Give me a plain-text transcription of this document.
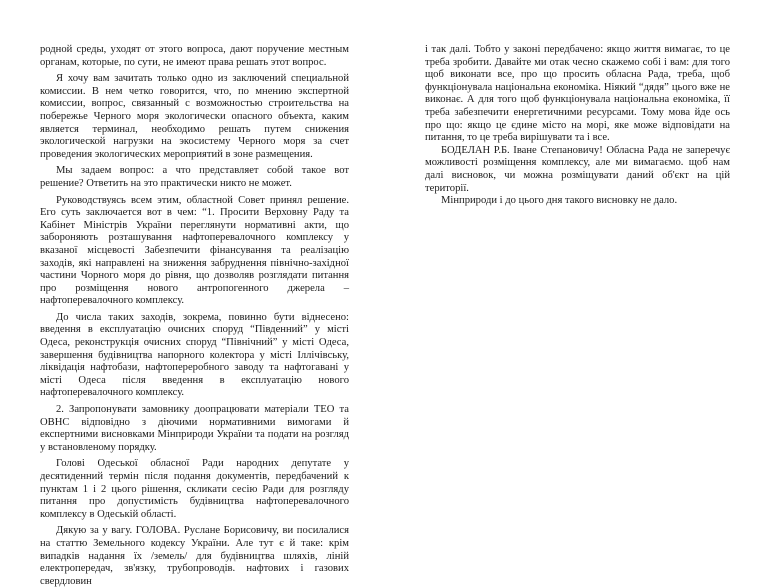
родной среды, уходят от этого вопроса, дают поручение местным органам, которые, по сути, не имеют права решать этот вопрос.

Я хочу вам зачитать только одно из заключений специальной комиссии. В нем четко говорится, что, по мнению экспертной комиссии, вопрос, связанный с возможностью строительства на побережье Черного моря экологически опасного объекта, каким является терминал, необходимо решать путем снижения экологической нагрузки на экосистему Черного моря за счет проведения экологических мероприятий в зоне размещения.

Мы задаем вопрос: а что представляет собой такое вот решение? Ответить на это практически никто не может.

Руководствуясь всем этим, областной Совет принял решение. Его суть заключается вот в чем: “1. Просити Верховну Раду та Кабінет Міністрів України переглянути нормативні акти, що забороняють розташування нафтоперевалочного комплексу у вказаної місцевості Забезпечити фінансування та реалізацію заходів, які направлені на зниження забруднення північно-західної частини Чорного моря до рівня, що дозволяв розглядати питання про розміщення нового антропогенного джерела – нафтоперевалочного комплексу.

До числа таких заходів, зокрема, повинно бути віднесено: введення в експлуатацію очисних споруд “Південний” у місті Одеса, реконструкція очисних споруд “Північний” у місті Одеса, завершення будівництва напорного колектора у місті Іллічівську, ліквідація нафтобази, нафтопереробного заводу та нафтогавані у місті Одеса після введення в експлуатацію нового нафтоперевалочного комплексу.

2. Запропонувати замовнику доопрацювати матеріали ТЕО та ОВНС відповідно з діючими нормативними вимогами й експертними висновками Мінприроди України та подати на розгляд у встановленому порядку.

Голові Одеської обласної Ради народних депутате у десятиденний термін після подання документів, передбачений к пунктам 1 і 2 цього рішення, скликати сесію Ради для розгляду питання про допустимість будівництва нафтоперевалочного комплексу в Одеській області.

Дякую за у вагу. ГОЛОВА. Руслане Борисовичу, ви посилалися на статтю Земельного кодексу України. Але тут є й таке: крім випадків надання їх /земель/ для будівництва шляхів, ліній електропередач, зв'язку, трубопроводів. нафтових і газових свердловин

і так далі. Тобто у законі передбачено: якщо життя вимагає, то це треба зробити. Давайте ми отак чесно скажемо собі і вам: для того щоб виконати все, про що просить обласна Рада, треба, щоб функціонувала національна економіка. Ніякий “дядя” цього вже не виконає. А для того щоб функціонувала національна економіка, її треба забезпечити енергетичними ресурсами. Тому мова йде ось про що: якщо це єдине місто на морі, яке може відповідати на питання, то це треба вирішувати та і все.

БОДЕЛАН Р.Б. Іване Степановичу! Обласна Рада не заперечує можливості розміщення комплексу, але ми вимагаємо. щоб нам далі висновок, чи можна розміщувати даний об'єкт на цій території.

Мінприроди і до цього дня такого висновку не дало.
